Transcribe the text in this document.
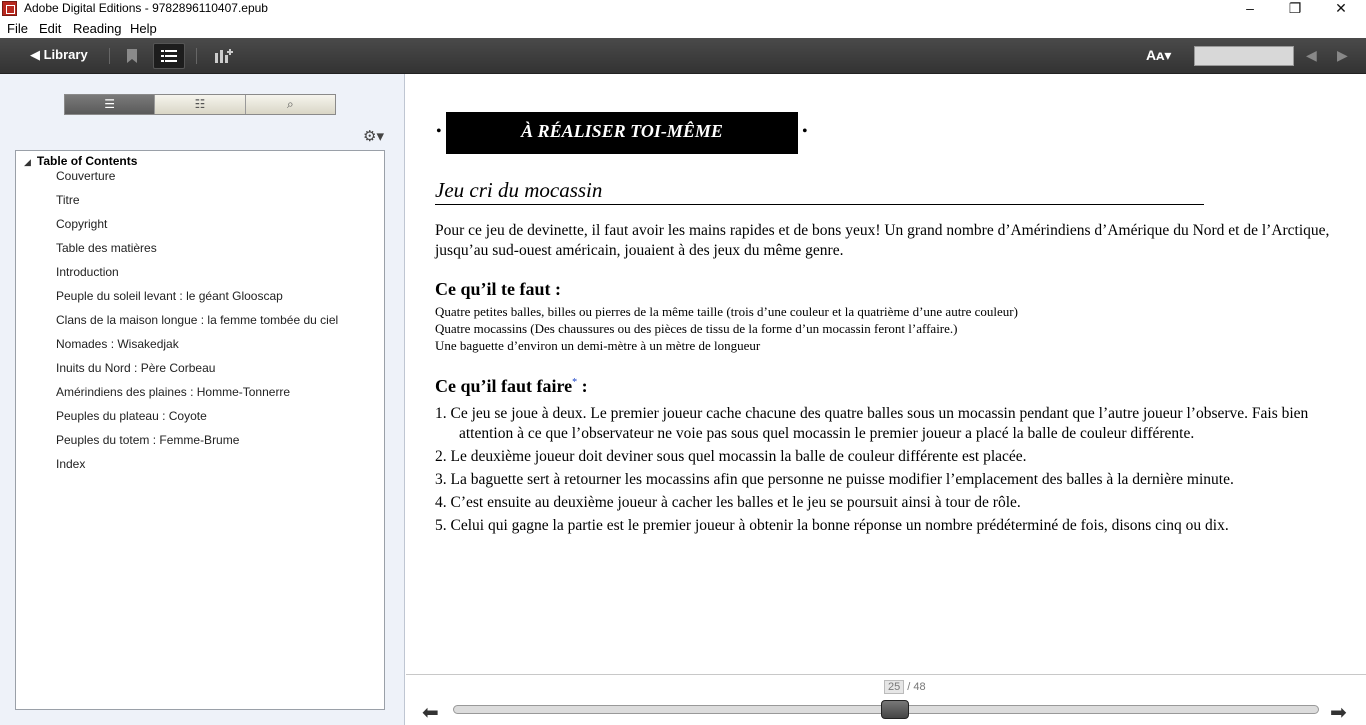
Adobe Digital Editions - 9782896110407.epub	–	❐	✕
File Edit Reading Help
◀ Library	Aᴀ▾	◀ ▶
☰	☷	⌕
⚙▾
◢ Table of Contents
Couverture
Titre
Copyright
Table des matières
Introduction
Peuple du soleil levant : le géant Glooscap
Clans de la maison longue : la femme tombée du ciel
Nomades : Wisakedjak
Inuits du Nord : Père Corbeau
Amérindiens des plaines : Homme-Tonnerre
Peuples du plateau : Coyote
Peuples du totem : Femme-Brume
Index
•	À RÉALISER TOI-MÊME	•
Jeu cri du mocassin

Pour ce jeu de devinette, il faut avoir les mains rapides et de bons yeux! Un grand nombre d’Amérindiens d’Amérique du Nord et de l’Arctique, jusqu’au sud-ouest américain, jouaient à des jeux du même genre.

Ce qu’il te faut :
Quatre petites balles, billes ou pierres de la même taille (trois d’une couleur et la quatrième d’une autre couleur)
Quatre mocassins (Des chaussures ou des pièces de tissu de la forme d’un mocassin feront l’affaire.)
Une baguette d’environ un demi-mètre à un mètre de longueur
Ce qu’il faut faire* :
1. Ce jeu se joue à deux. Le premier joueur cache chacune des quatre balles sous un mocassin pendant que l’autre joueur l’observe. Fais bien attention à ce que l’observateur ne voie pas sous quel mocassin le premier joueur a placé la balle de couleur différente.
2. Le deuxième joueur doit deviner sous quel mocassin la balle de couleur différente est placée.
3. La baguette sert à retourner les mocassins afin que personne ne puisse modifier l’emplacement des balles à la dernière minute.
4. C’est ensuite au deuxième joueur à cacher les balles et le jeu se poursuit ainsi à tour de rôle.
5. Celui qui gagne la partie est le premier joueur à obtenir la bonne réponse un nombre prédéterminé de fois, disons cinq ou dix.
25 / 48
⬅	➡
